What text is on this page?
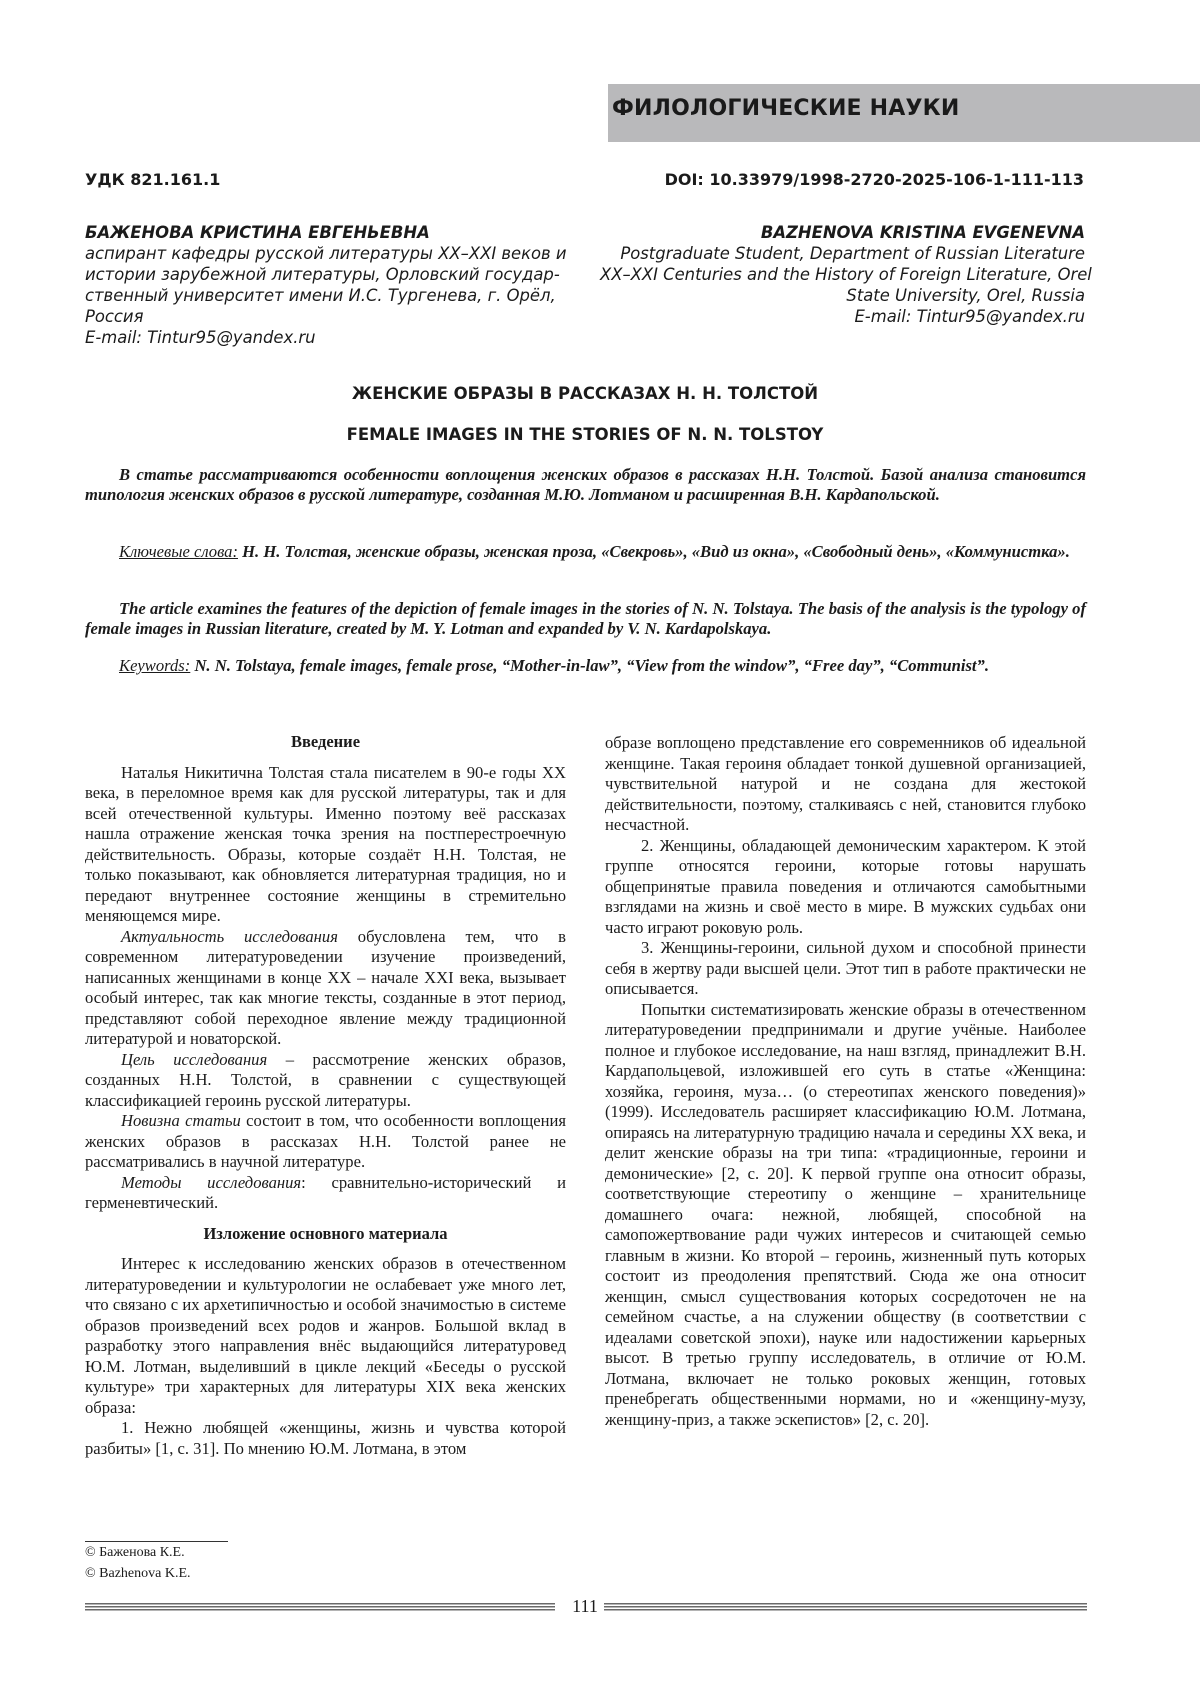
ФИЛОЛОГИЧЕСКИЕ НАУКИ
УДК 821.161.1	DOI: 10.33979/1998-2720-2025-106-1-111-113
БАЖЕНОВА КРИСТИНА ЕВГЕНЬЕВНА
аспирант кафедры русской литературы XX–XXI веков и
истории зарубежной литературы, Орловский государ-
ственный университет имени И.С. Тургенева, г. Орёл,
Россия
E-mail: Tintur95@yandex.ru
BAZHENOVA KRISTINA EVGENEVNA
Postgraduate Student, Department of Russian Literature
XX–XXI Centuries and the History of Foreign Literature, Orel
State University, Orel, Russia
E-mail: Tintur95@yandex.ru
ЖЕНСКИЕ ОБРАЗЫ В РАССКАЗАХ Н. Н. ТОЛСТОЙ
FEMALE IMAGES IN THE STORIES OF N. N. TOLSTOY
В статье рассматриваются особенности воплощения женских образов в рассказах Н.Н. Толстой. Базой анализа становится типология женских образов в русской литературе, созданная М.Ю. Лотманом и расширенная В.Н. Кардапольской.
Ключевые слова: Н. Н. Толстая, женские образы, женская проза, «Свекровь», «Вид из окна», «Свободный день», «Коммунистка».
The article examines the features of the depiction of female images in the stories of N. N. Tolstaya. The basis of the analysis is the typology of female images in Russian literature, created by M. Y. Lotman and expanded by V. N. Kardapolskaya.
Keywords: N. N. Tolstaya, female images, female prose, “Mother-in-law”, “View from the window”, “Free day”, “Communist”.
Введение

Наталья Никитична Толстая стала писателем в 90-е годы XX века, в переломное время как для русской литературы, так и для всей отечественной культуры. Именно поэтому веё рассказах нашла отражение женская точка зрения на постперестроечную действительность. Образы, которые создаёт Н.Н. Толстая, не только показывают, как обновляется литературная традиция, но и передают внутреннее состояние женщины в стремительно меняющемся мире.

Актуальность исследования обусловлена тем, что в современном литературоведении изучение произведений, написанных женщинами в конце XX – начале XXI века, вызывает особый интерес, так как многие тексты, созданные в этот период, представляют собой переходное явление между традиционной литературой и новаторской.

Цель исследования – рассмотрение женских образов, созданных Н.Н. Толстой, в сравнении с существующей классификацией героинь русской литературы.

Новизна статьи состоит в том, что особенности воплощения женских образов в рассказах Н.Н. Толстой ранее не рассматривались в научной литературе.

Методы исследования: сравнительно-исторический и герменевтический.

Изложение основного материала

Интерес к исследованию женских образов в отечественном литературоведении и культурологии не ослабевает уже много лет, что связано с их архетипичностью и особой значимостью в системе образов произведений всех родов и жанров. Большой вклад в разработку этого направления внёс выдающийся литературовед Ю.М. Лотман, выделивший в цикле лекций «Беседы о русской культуре» три характерных для литературы XIX века женских образа:

1. Нежно любящей «женщины, жизнь и чувства которой разбиты» [1, с. 31]. По мнению Ю.М. Лотмана, в этом

образе воплощено представление его современников об идеальной женщине. Такая героиня обладает тонкой душевной организацией, чувствительной натурой и не создана для жестокой действительности, поэтому, сталкиваясь с ней, становится глубоко несчастной.

2. Женщины, обладающей демоническим характером. К этой группе относятся героини, которые готовы нарушать общепринятые правила поведения и отличаются самобытными взглядами на жизнь и своё место в мире. В мужских судьбах они часто играют роковую роль.

3. Женщины-героини, сильной духом и способной принести себя в жертву ради высшей цели. Этот тип в работе практически не описывается.

Попытки систематизировать женские образы в отечественном литературоведении предпринимали и другие учёные. Наиболее полное и глубокое исследование, на наш взгляд, принадлежит В.Н. Кардапольцевой, изложившей его суть в статье «Женщина: хозяйка, героиня, муза… (о стереотипах женского поведения)» (1999). Исследователь расширяет классификацию Ю.М. Лотмана, опираясь на литературную традицию начала и середины XX века, и делит женские образы на три типа: «традиционные, героини и демонические» [2, с. 20]. К первой группе она относит образы, соответствующие стереотипу о женщине – хранительнице домашнего очага: нежной, любящей, способной на самопожертвование ради чужих интересов и считающей семью главным в жизни. Ко второй – героинь, жизненный путь которых состоит из преодоления препятствий. Сюда же она относит женщин, смысл существования которых сосредоточен не на семейном счастье, а на служении обществу (в соответствии с идеалами советской эпохи), науке или надостижении карьерных высот. В третью группу исследователь, в отличие от Ю.М. Лотмана, включает не только роковых женщин, готовых пренебрегать общественными нормами, но и «женщину-музу, женщину-приз, а также эскепистов» [2, с. 20].

© Баженова К.Е.
© Bazhenova K.E.
111
